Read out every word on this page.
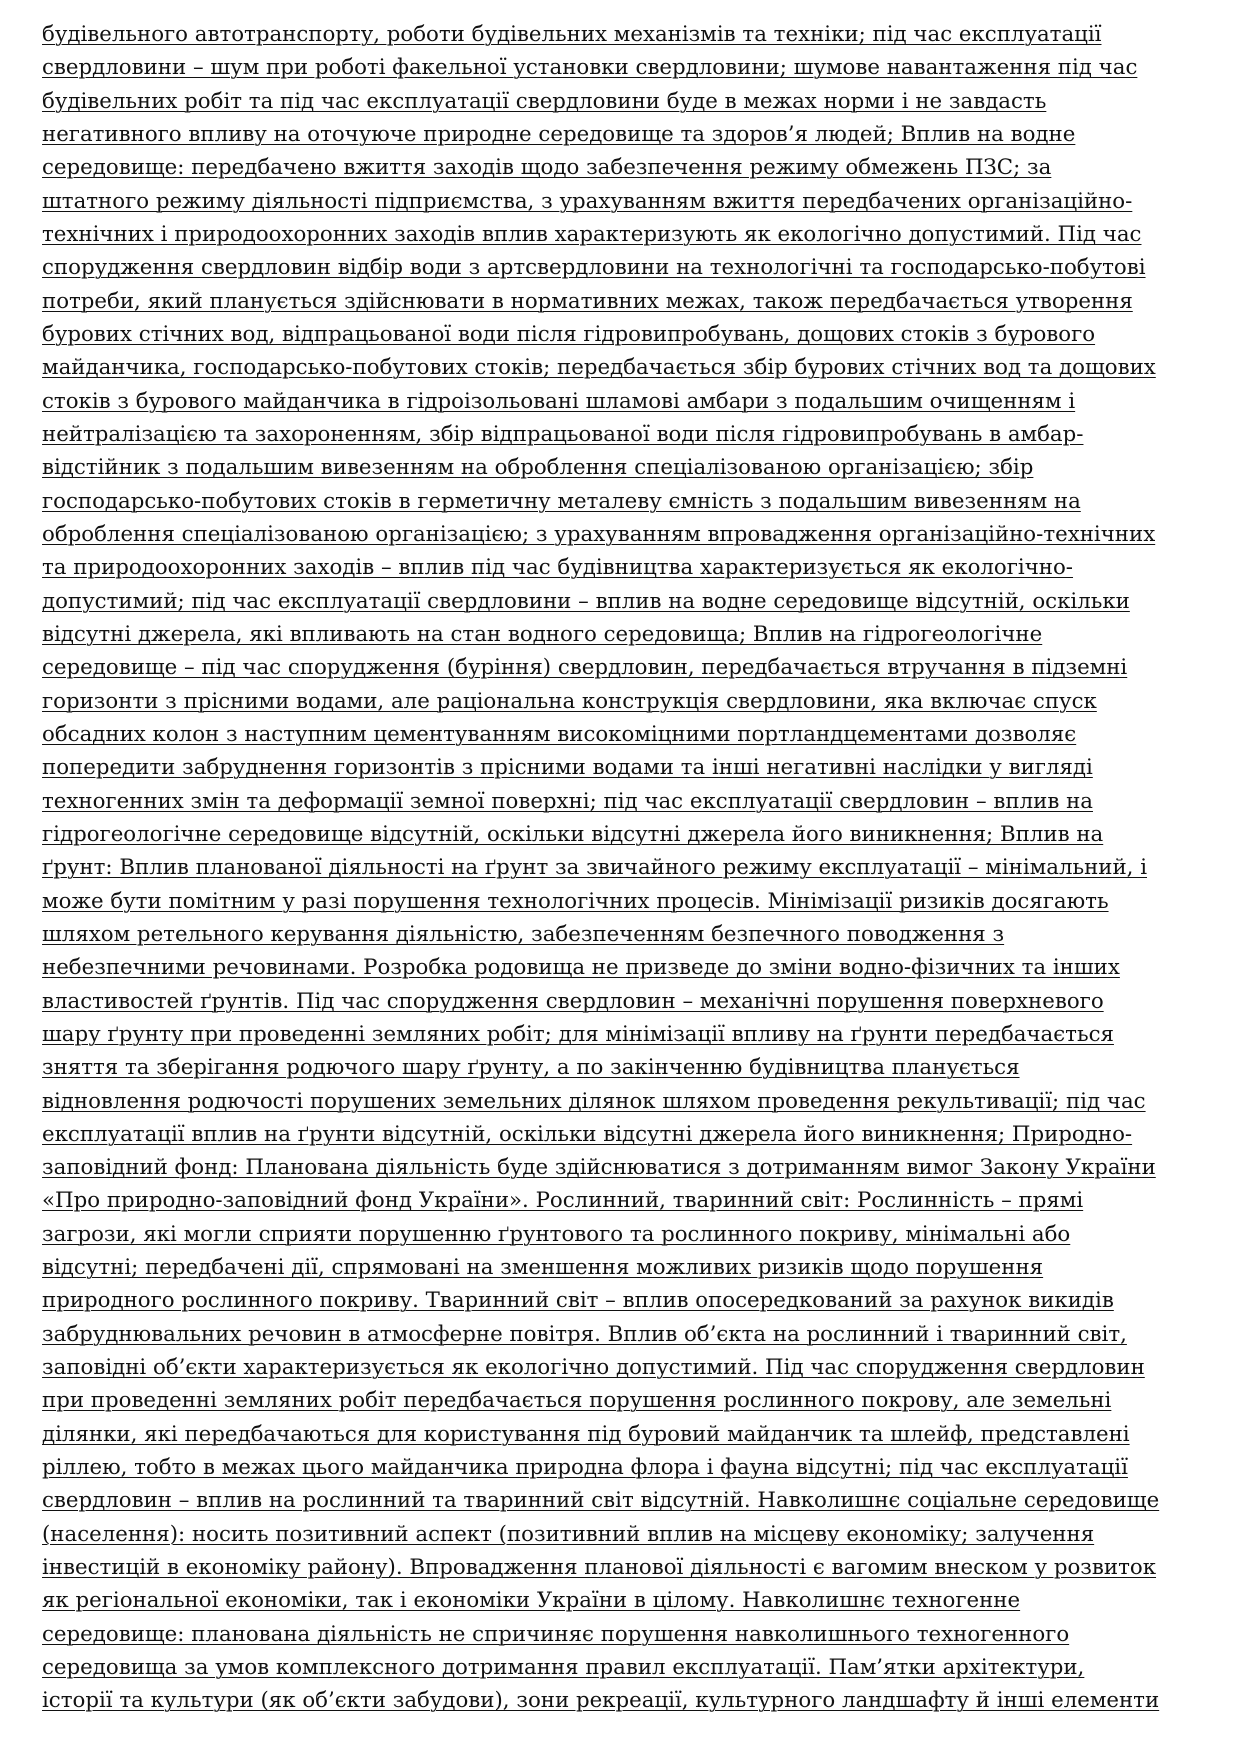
будівельного автотранспорту, роботи будівельних механізмів та техніки; під час експлуатації
свердловини – шум при роботі факельної установки свердловини; шумове навантаження під час
будівельних робіт та під час експлуатації свердловини буде в межах норми і не завдасть
негативного впливу на оточуюче природне середовище та здоров’я людей; Вплив на водне
середовище: передбачено вжиття заходів щодо забезпечення режиму обмежень ПЗС; за
штатного режиму діяльності підприємства, з урахуванням вжиття передбачених організаційно-
технічних і природоохоронних заходів вплив характеризують як екологічно допустимий. Під час
спорудження свердловин відбір води з артсвердловини на технологічні та господарсько-побутові
потреби, який планується здійснювати в нормативних межах, також передбачається утворення
бурових стічних вод, відпрацьованої води після гідровипробувань, дощових стоків з бурового
майданчика, господарсько-побутових стоків; передбачається збір бурових стічних вод та дощових
стоків з бурового майданчика в гідроізольовані шламові амбари з подальшим очищенням і
нейтралізацією та захороненням, збір відпрацьованої води після гідровипробувань в амбар-
відстійник з подальшим вивезенням на оброблення спеціалізованою організацією; збір
господарсько-побутових стоків в герметичну металеву ємність з подальшим вивезенням на
оброблення спеціалізованою організацією; з урахуванням впровадження організаційно-технічних
та природоохоронних заходів – вплив під час будівництва характеризується як екологічно-
допустимий; під час експлуатації свердловини – вплив на водне середовище відсутній, оскільки
відсутні джерела, які впливають на стан водного середовища; Вплив на гідрогеологічне
середовище – під час спорудження (буріння) свердловин, передбачається втручання в підземні
горизонти з прісними водами, але раціональна конструкція свердловини, яка включає спуск
обсадних колон з наступним цементуванням високоміцними портландцементами дозволяє
попередити забруднення горизонтів з прісними водами та інші негативні наслідки у вигляді
техногенних змін та деформації земної поверхні; під час експлуатації свердловин – вплив на
гідрогеологічне середовище відсутній, оскільки відсутні джерела його виникнення; Вплив на
ґрунт: Вплив планованої діяльності на ґрунт за звичайного режиму експлуатації – мінімальний, і
може бути помітним у разі порушення технологічних процесів. Мінімізації ризиків досягають
шляхом ретельного керування діяльністю, забезпеченням безпечного поводження з
небезпечними речовинами. Розробка родовища не призведе до зміни водно-фізичних та інших
властивостей ґрунтів. Під час спорудження свердловин – механічні порушення поверхневого
шару ґрунту при проведенні земляних робіт; для мінімізації впливу на ґрунти передбачається
зняття та зберігання родючого шару ґрунту, а по закінченню будівництва планується
відновлення родючості порушених земельних ділянок шляхом проведення рекультивації; під час
експлуатації вплив на ґрунти відсутній, оскільки відсутні джерела його виникнення; Природно-
заповідний фонд: Планована діяльність буде здійснюватися з дотриманням вимог Закону України
«Про природно-заповідний фонд України». Рослинний, тваринний світ: Рослинність – прямі
загрози, які могли сприяти порушенню ґрунтового та рослинного покриву, мінімальні або
відсутні; передбачені дії, спрямовані на зменшення можливих ризиків щодо порушення
природного рослинного покриву. Тваринний світ – вплив опосередкований за рахунок викидів
забруднювальних речовин в атмосферне повітря. Вплив об’єкта на рослинний і тваринний світ,
заповідні об’єкти характеризується як екологічно допустимий. Під час спорудження свердловин
при проведенні земляних робіт передбачається порушення рослинного покрову, але земельні
ділянки, які передбачаються для користування під буровий майданчик та шлейф, представлені
ріллею, тобто в межах цього майданчика природна флора і фауна відсутні; під час експлуатації
свердловин – вплив на рослинний та тваринний світ відсутній. Навколишнє соціальне середовище
(населення): носить позитивний аспект (позитивний вплив на місцеву економіку; залучення
інвестицій в економіку району). Впровадження планової діяльності є вагомим внеском у розвиток
як регіональної економіки, так і економіки України в цілому. Навколишнє техногенне
середовище: планована діяльність не спричиняє порушення навколишнього техногенного
середовища за умов комплексного дотримання правил експлуатації. Пам’ятки архітектури,
історії та культури (як об’єкти забудови), зони рекреації, культурного ландшафту й інші елементи
